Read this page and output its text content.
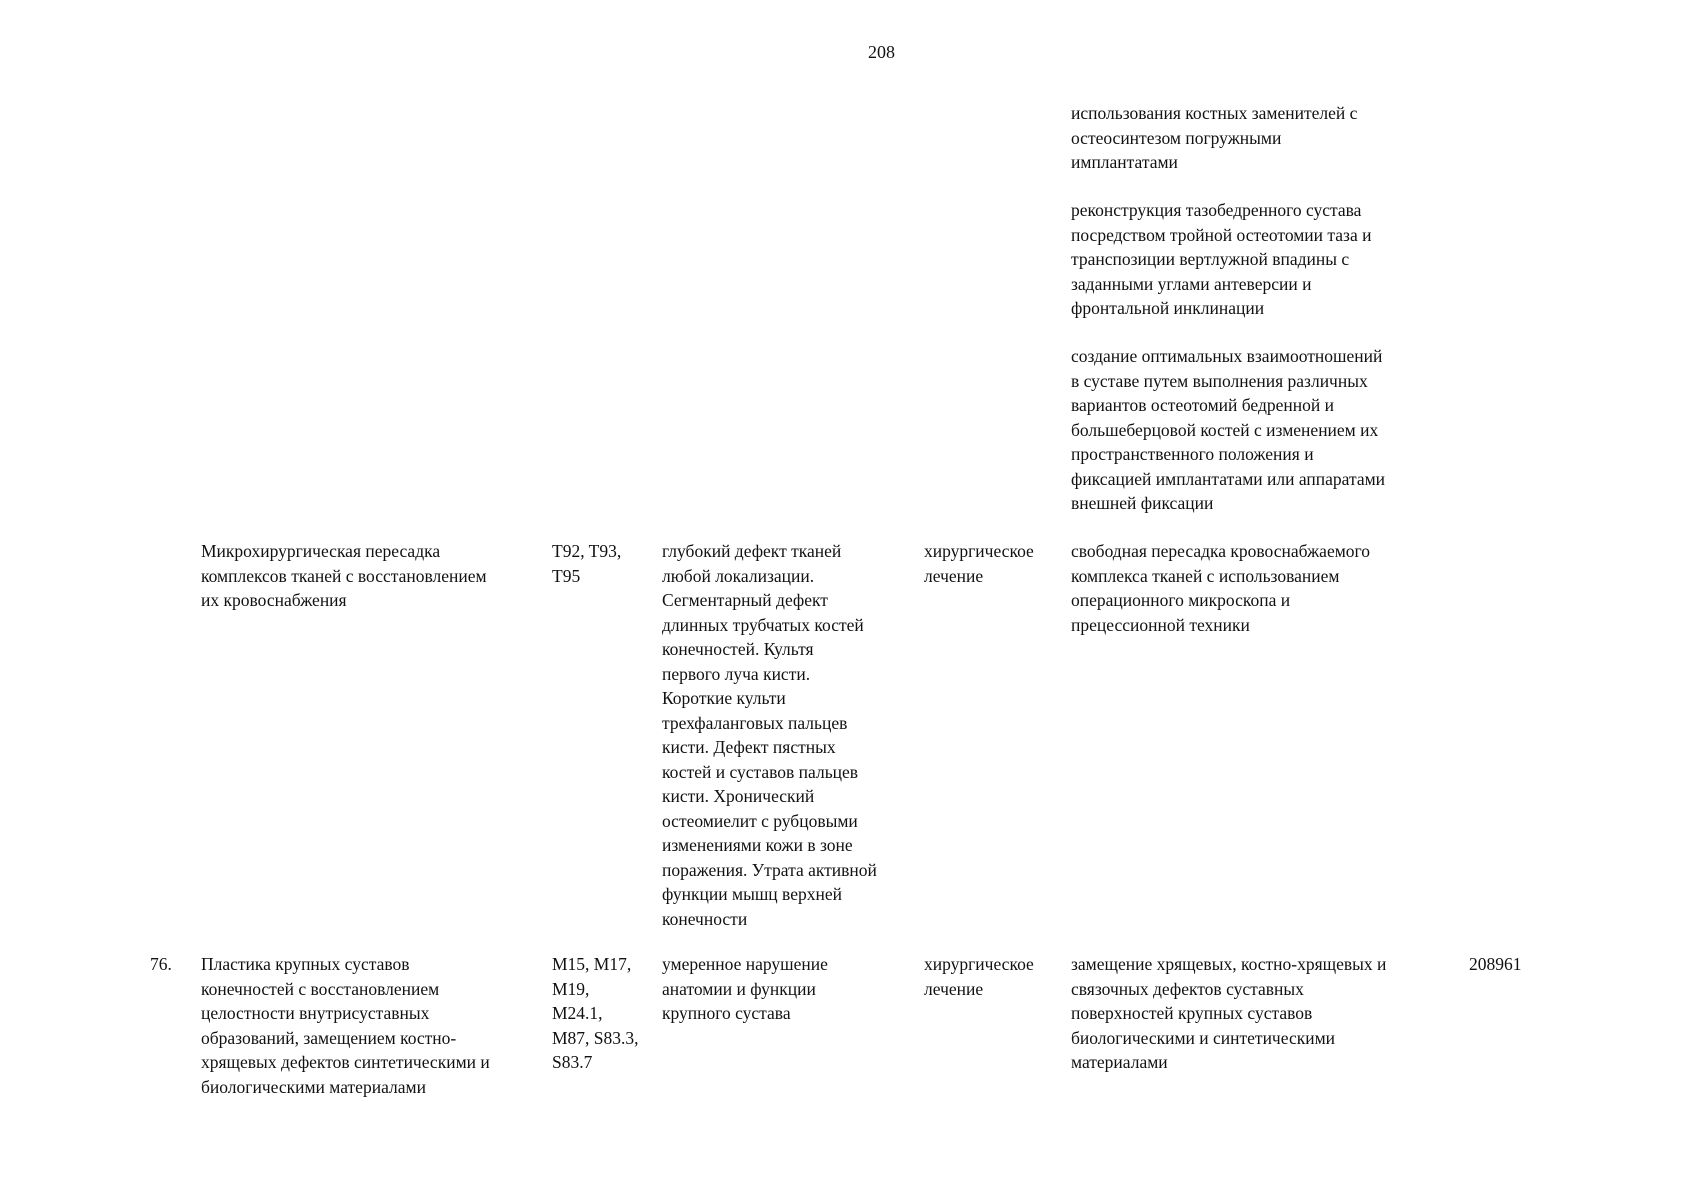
208
использования костных заменителей с
остеосинтезом погружными
имплантатами
реконструкция тазобедренного сустава
посредством тройной остеотомии таза и
транспозиции вертлужной впадины с
заданными углами антеверсии и
фронтальной инклинации
создание оптимальных взаимоотношений
в суставе путем выполнения различных
вариантов остеотомий бедренной и
большеберцовой костей с изменением их
пространственного положения и
фиксацией имплантатами или аппаратами
внешней фиксации
Микрохирургическая пересадка
комплексов тканей с восстановлением
их кровоснабжения
T92, T93,
T95
глубокий дефект тканей
любой локализации.
Сегментарный дефект
длинных трубчатых костей
конечностей. Культя
первого луча кисти.
Короткие культи
трехфаланговых пальцев
кисти. Дефект пястных
костей и суставов пальцев
кисти. Хронический
остеомиелит с рубцовыми
изменениями кожи в зоне
поражения. Утрата активной
функции мышц верхней
конечности
хирургическое
лечение
свободная пересадка кровоснабжаемого
комплекса тканей с использованием
операционного микроскопа и
прецессионной техники
76. Пластика крупных суставов
конечностей с восстановлением
целостности внутрисуставных
образований, замещением костно-
хрящевых дефектов синтетическими и
биологическими материалами
M15, M17,
M19,
M24.1,
M87, S83.3,
S83.7
умеренное нарушение
анатомии и функции
крупного сустава
хирургическое
лечение
замещение хрящевых, костно-хрящевых и
связочных дефектов суставных
поверхностей крупных суставов
биологическими и синтетическими
материалами
208961
